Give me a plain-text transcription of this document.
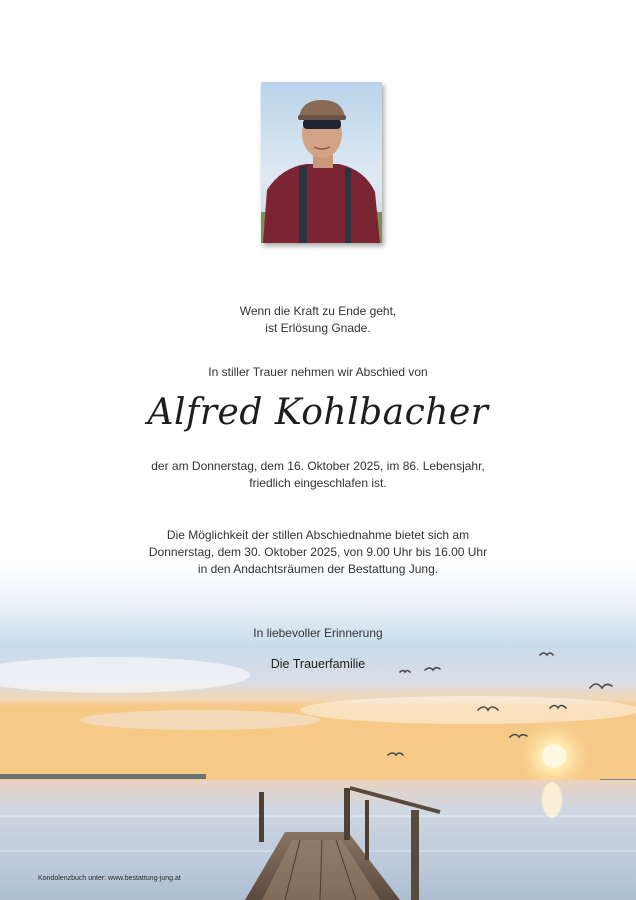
Wenn die Kraft zu Ende geht,
ist Erlösung Gnade.
In stiller Trauer nehmen wir Abschied von
Alfred Kohlbacher
der am Donnerstag, dem 16. Oktober 2025, im 86. Lebensjahr,
friedlich eingeschlafen ist.
Die Möglichkeit der stillen Abschiednahme bietet sich am
Donnerstag, dem 30. Oktober 2025, von 9.00 Uhr bis 16.00 Uhr
in den Andachtsräumen der Bestattung Jung.
In liebevoller Erinnerung
Die Trauerfamilie
Kondolenzbuch unter: www.bestattung-jung.at
